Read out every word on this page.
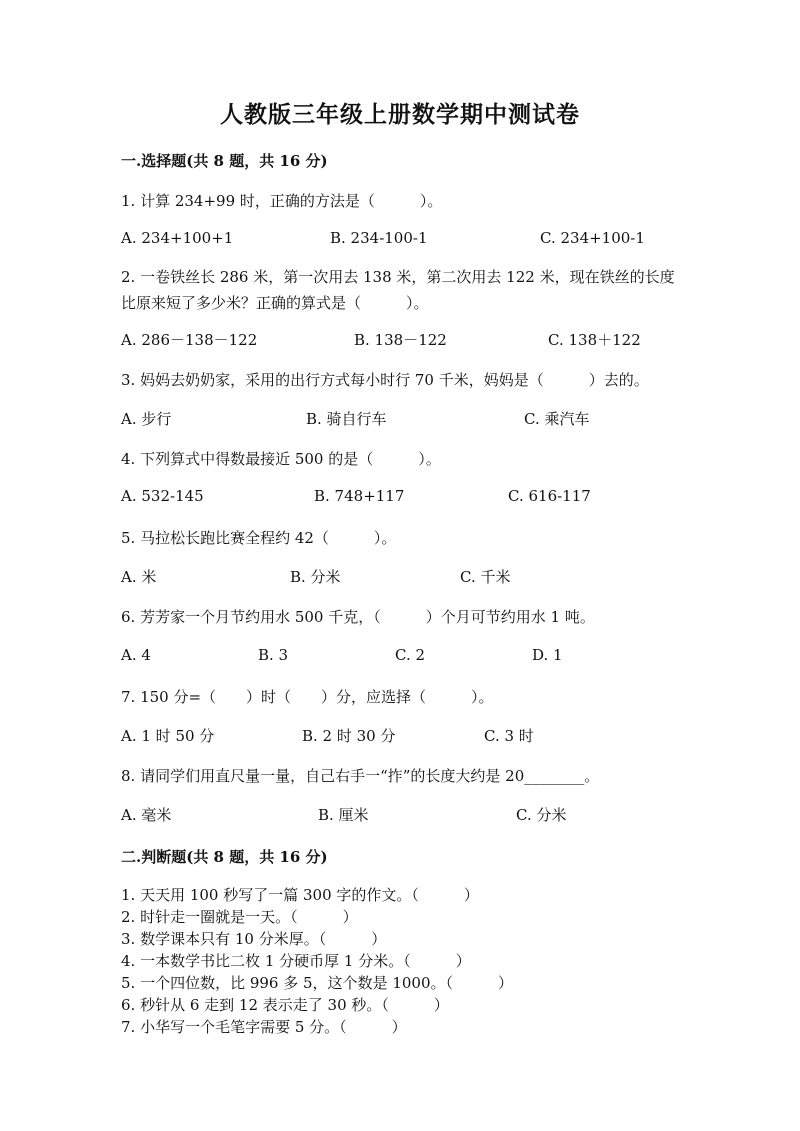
人教版三年级上册数学期中测试卷
一.选择题(共 8 题，共 16 分)
1. 计算 234+99 时，正确的方法是（　　　）。
A. 234+100+1	B. 234-100-1	C. 234+100-1
2. 一卷铁丝长 286 米，第一次用去 138 米，第二次用去 122 米，现在铁丝的长度比原来短了多少米？正确的算式是（　　　）。
A. 286－138－122	B. 138－122	C. 138＋122
3. 妈妈去奶奶家，采用的出行方式每小时行 70 千米，妈妈是（　　　）去的。
A. 步行	B. 骑自行车	C. 乘汽车
4. 下列算式中得数最接近 500 的是（　　　）。
A. 532-145	B. 748+117	C. 616-117
5. 马拉松长跑比赛全程约 42（　　　）。
A. 米	B. 分米	C. 千米
6. 芳芳家一个月节约用水 500 千克，（　　　）个月可节约用水 1 吨。
A. 4	B. 3	C. 2	D. 1
7. 150 分=（　　）时（　　）分，应选择（　　　）。
A. 1 时 50 分	B. 2 时 30 分	C. 3 时
8. 请同学们用直尺量一量，自己右手一“拃”的长度大约是 20________。
A. 毫米	B. 厘米	C. 分米
二.判断题(共 8 题，共 16 分)
1. 天天用 100 秒写了一篇 300 字的作文。（　　　）
2. 时针走一圈就是一天。（　　　）
3. 数学课本只有 10 分米厚。（　　　）
4. 一本数学书比二枚 1 分硬币厚 1 分米。（　　　）
5. 一个四位数，比 996 多 5，这个数是 1000。（　　　）
6. 秒针从 6 走到 12 表示走了 30 秒。（　　　）
7. 小华写一个毛笔字需要 5 分。（　　　）
